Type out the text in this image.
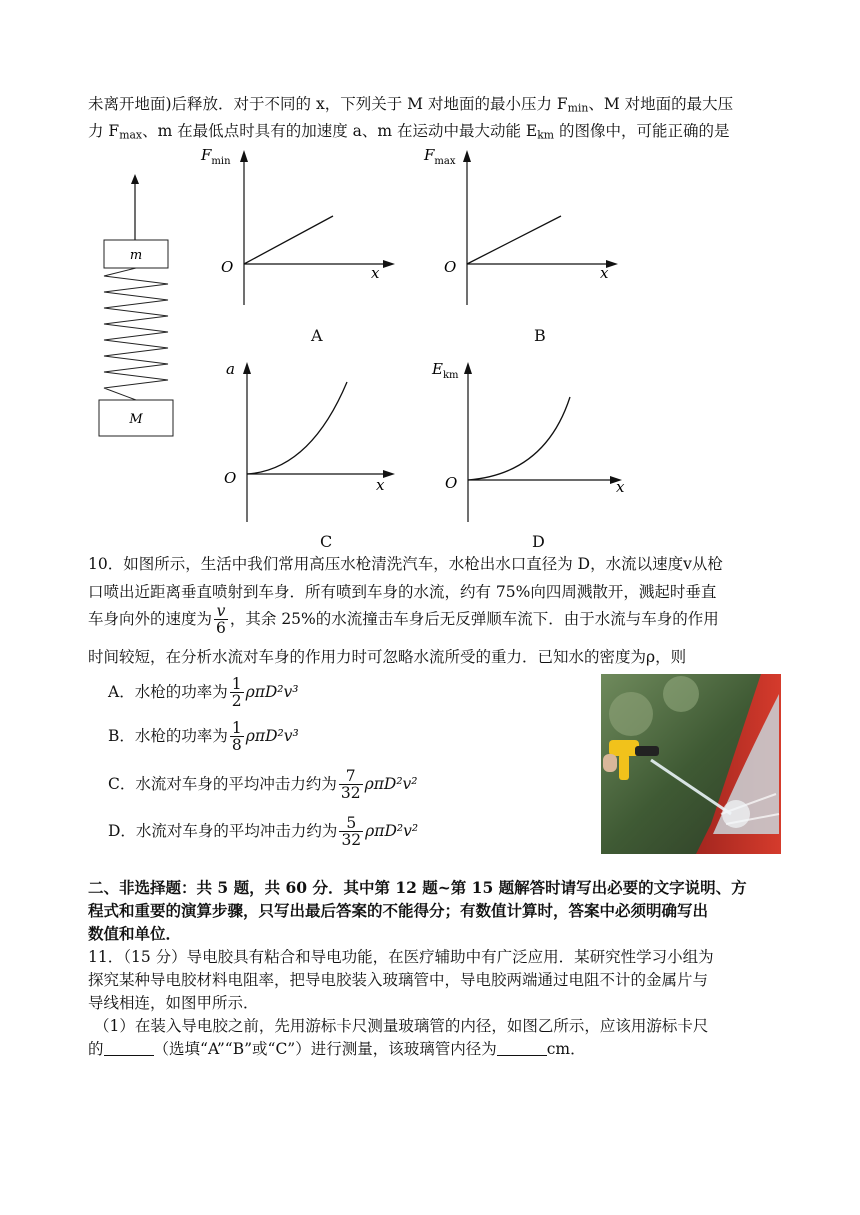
未离开地面)后释放．对于不同的 x，下列关于 M 对地面的最小压力 $F_{min}$、M 对地面的最大压
力 $F_{max}$、m 在最低点时具有的加速度 a、m 在运动中最大动能 $E_{km}$ 的图像中，可能正确的是
m
M
$F_{min}$
O	x
A
$F_{max}$
O	x
B
a
O	x
C
$E_{km}$
O	x
D
10．如图所示，生活中我们常用高压水枪清洗汽车，水枪出水口直径为 D，水流以速度v从枪
口喷出近距离垂直喷射到车身．所有喷到车身的水流，约有 75%向四周溅散开，溅起时垂直
车身向外的速度为 $\frac{v}{6}$ ，其余 25%的水流撞击车身后无反弹顺车流下．由于水流与车身的作用
时间较短，在分析水流对车身的作用力时可忽略水流所受的重力．已知水的密度为ρ，则
A．水枪的功率为 $\frac{1}{2} \rho\pi D^2v^3$
B．水枪的功率为 $\frac{1}{8} \rho\pi D^2v^3$
C．水流对车身的平均冲击力约为 $\frac{7}{32} \rho\pi D^2v^2$
D．水流对车身的平均冲击力约为 $\frac{5}{32} \rho\pi D^2v^2$
二、非选择题：共 5 题，共 60 分．其中第 12 题~第 15 题解答时请写出必要的文字说明、方
程式和重要的演算步骤，只写出最后答案的不能得分；有数值计算时，答案中必须明确写出
数值和单位．
11．（15 分）导电胶具有粘合和导电功能，在医疗辅助中有广泛应用．某研究性学习小组为
探究某种导电胶材料电阻率，把导电胶装入玻璃管中，导电胶两端通过电阻不计的金属片与
导线相连，如图甲所示．
（1）在装入导电胶之前，先用游标卡尺测量玻璃管的内径，如图乙所示，应该用游标卡尺
的	（选填“A”“B”或“C”）进行测量，该玻璃管内径为	cm．
